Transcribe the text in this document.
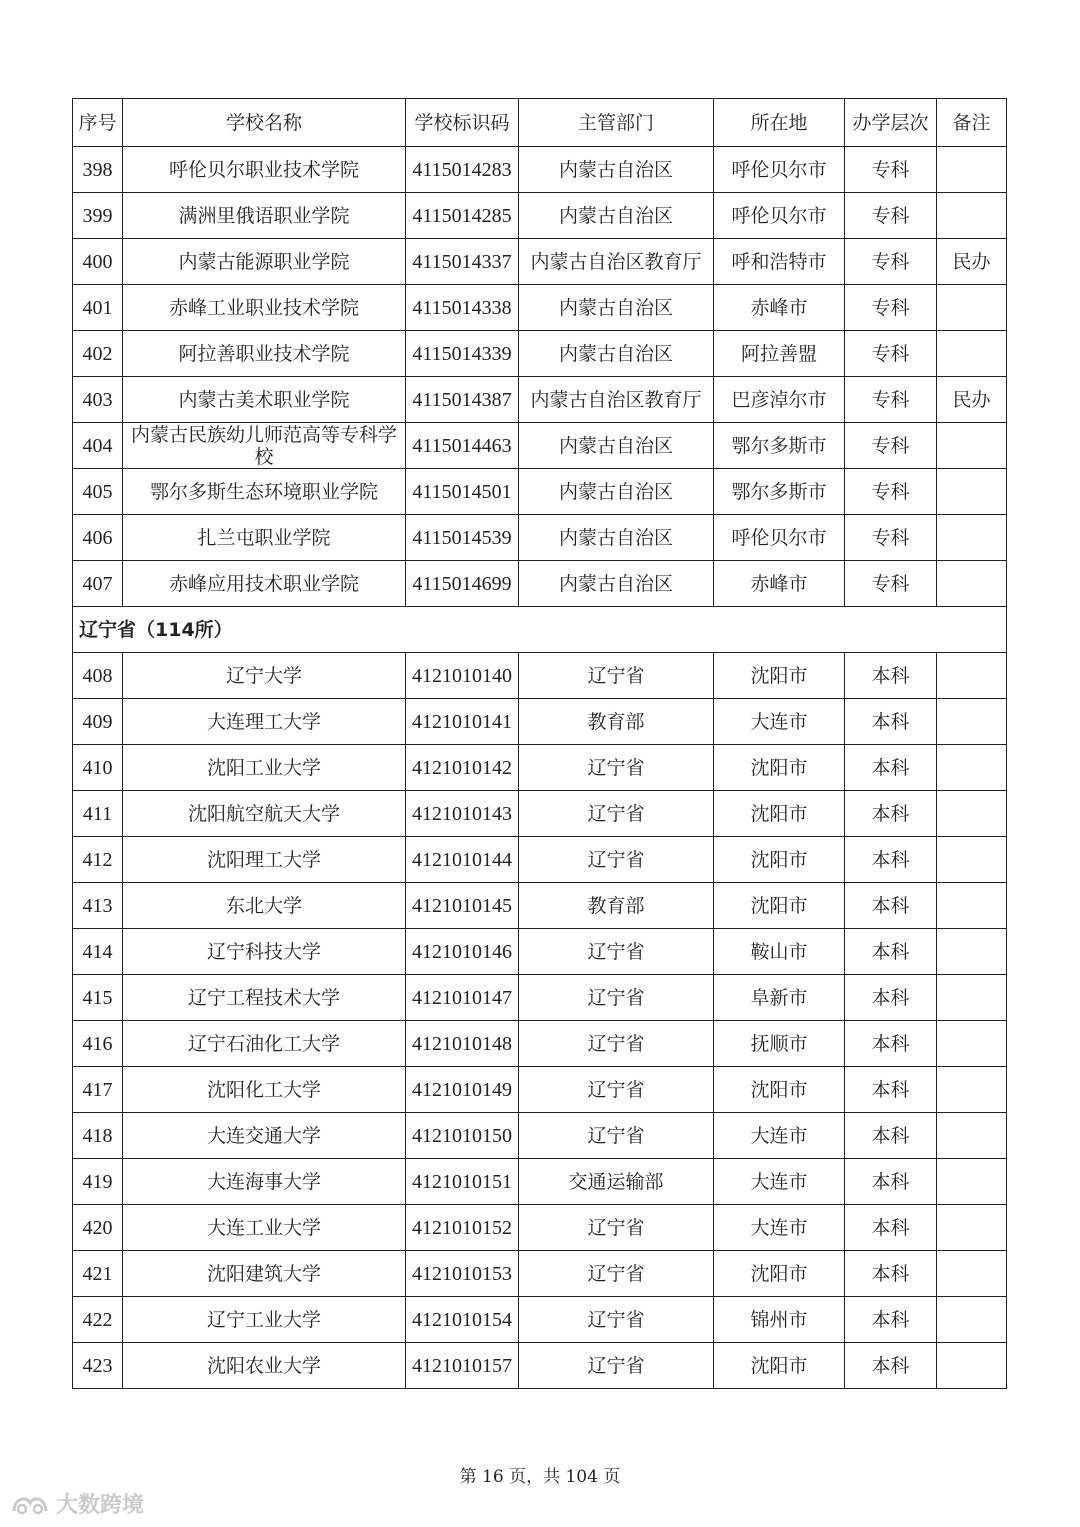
序号	学校名称	学校标识码	主管部门	所在地	办学层次	备注
398	呼伦贝尔职业技术学院	4115014283	内蒙古自治区	呼伦贝尔市	专科	
399	满洲里俄语职业学院	4115014285	内蒙古自治区	呼伦贝尔市	专科	
400	内蒙古能源职业学院	4115014337	内蒙古自治区教育厅	呼和浩特市	专科	民办
401	赤峰工业职业技术学院	4115014338	内蒙古自治区	赤峰市	专科	
402	阿拉善职业技术学院	4115014339	内蒙古自治区	阿拉善盟	专科	
403	内蒙古美术职业学院	4115014387	内蒙古自治区教育厅	巴彦淖尔市	专科	民办
404	内蒙古民族幼儿师范高等专科学校	4115014463	内蒙古自治区	鄂尔多斯市	专科	
405	鄂尔多斯生态环境职业学院	4115014501	内蒙古自治区	鄂尔多斯市	专科	
406	扎兰屯职业学院	4115014539	内蒙古自治区	呼伦贝尔市	专科	
407	赤峰应用技术职业学院	4115014699	内蒙古自治区	赤峰市	专科	
辽宁省（114所）						
408	辽宁大学	4121010140	辽宁省	沈阳市	本科	
409	大连理工大学	4121010141	教育部	大连市	本科	
410	沈阳工业大学	4121010142	辽宁省	沈阳市	本科	
411	沈阳航空航天大学	4121010143	辽宁省	沈阳市	本科	
412	沈阳理工大学	4121010144	辽宁省	沈阳市	本科	
413	东北大学	4121010145	教育部	沈阳市	本科	
414	辽宁科技大学	4121010146	辽宁省	鞍山市	本科	
415	辽宁工程技术大学	4121010147	辽宁省	阜新市	本科	
416	辽宁石油化工大学	4121010148	辽宁省	抚顺市	本科	
417	沈阳化工大学	4121010149	辽宁省	沈阳市	本科	
418	大连交通大学	4121010150	辽宁省	大连市	本科	
419	大连海事大学	4121010151	交通运输部	大连市	本科	
420	大连工业大学	4121010152	辽宁省	大连市	本科	
421	沈阳建筑大学	4121010153	辽宁省	沈阳市	本科	
422	辽宁工业大学	4121010154	辽宁省	锦州市	本科	
423	沈阳农业大学	4121010157	辽宁省	沈阳市	本科	
第 16 页，共 104 页
大数跨境
